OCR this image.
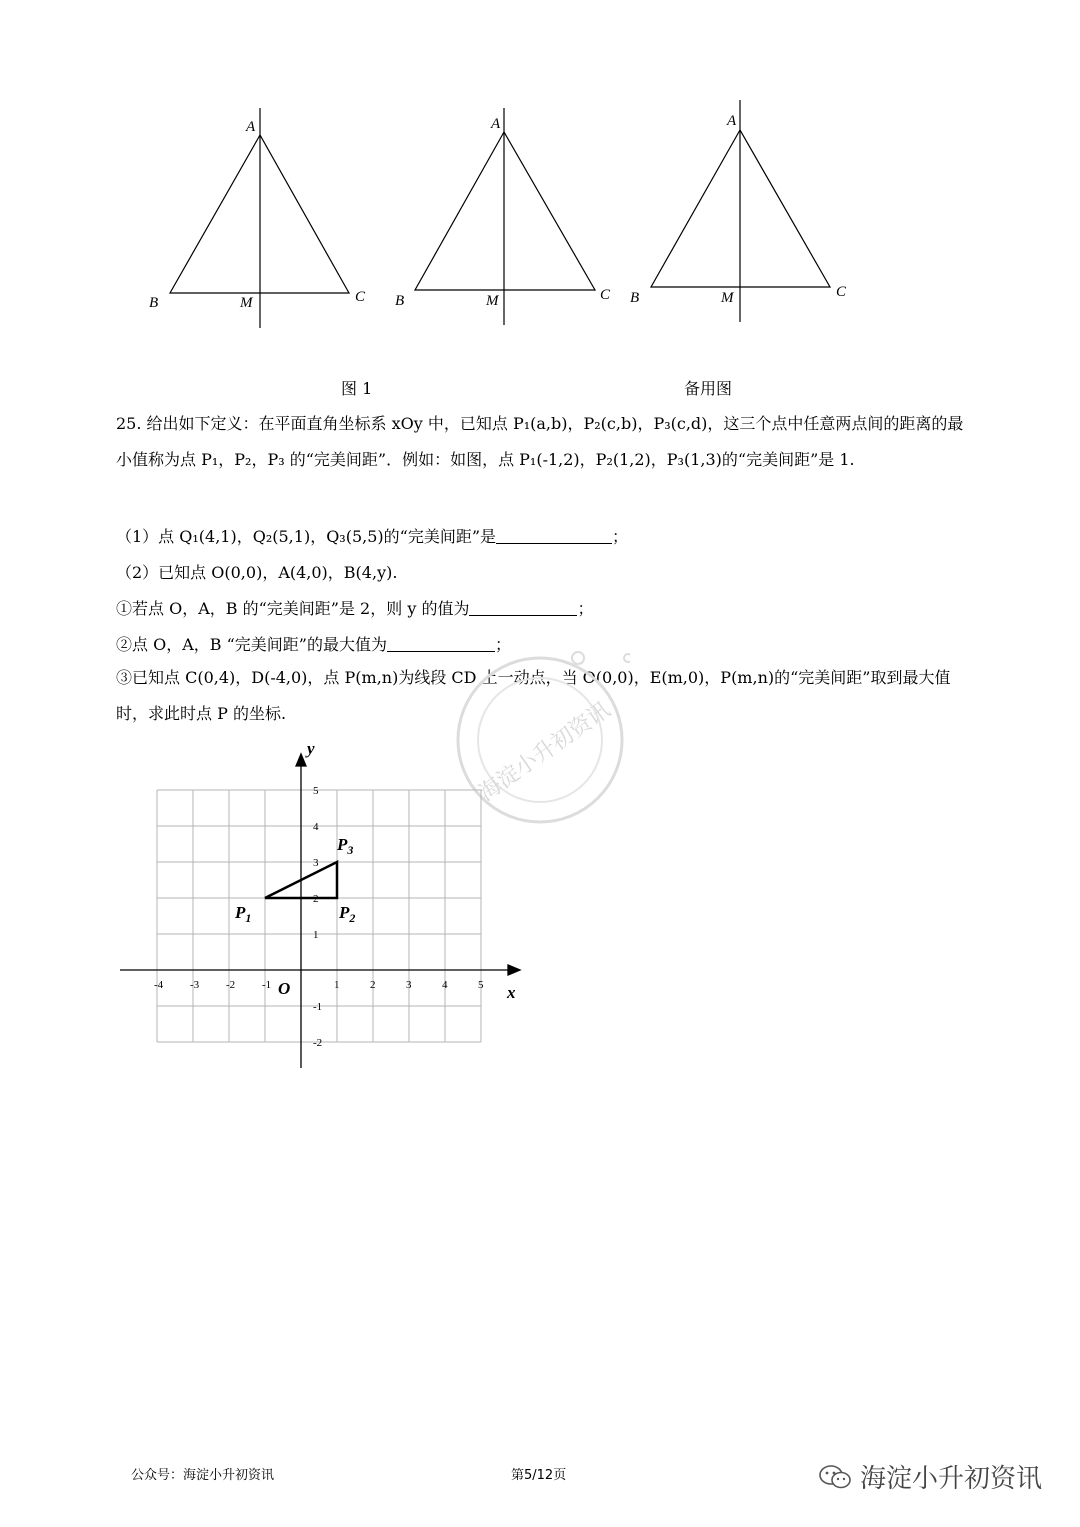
A
B	C
M
A
B	C
M
A
B	C
M
图 1	备用图
25. 给出如下定义：在平面直角坐标系 xOy 中，已知点 P₁(a,b)，P₂(c,b)，P₃(c,d)，这三个点中任意两点间的距离的最小值称为点 P₁，P₂，P₃ 的“完美间距”．例如：如图，点 P₁(-1,2)，P₂(1,2)，P₃(1,3)的“完美间距”是 1.
（1）点 Q₁(4,1)，Q₂(5,1)，Q₃(5,5)的“完美间距”是	；
（2）已知点 O(0,0)，A(4,0)，B(4,y).
①若点 O，A，B 的“完美间距”是 2，则 y 的值为	；
②点 O，A，B “完美间距”的最大值为	；
③已知点 C(0,4)，D(-4,0)，点 P(m,n)为线段 CD 上一动点，当 O(0,0)，E(m,0)，P(m,n)的“完美间距”取到最大值时，求此时点 P 的坐标.	海淀小升初资讯
-4 -3 -2 -1	1	2	3	4	5
5
4
3
2
1
-1
-2
x
y
O
$P_1$	$P_2$
$P_3$
公众号：海淀小升初资讯	第5/12页	海淀小升初资讯
